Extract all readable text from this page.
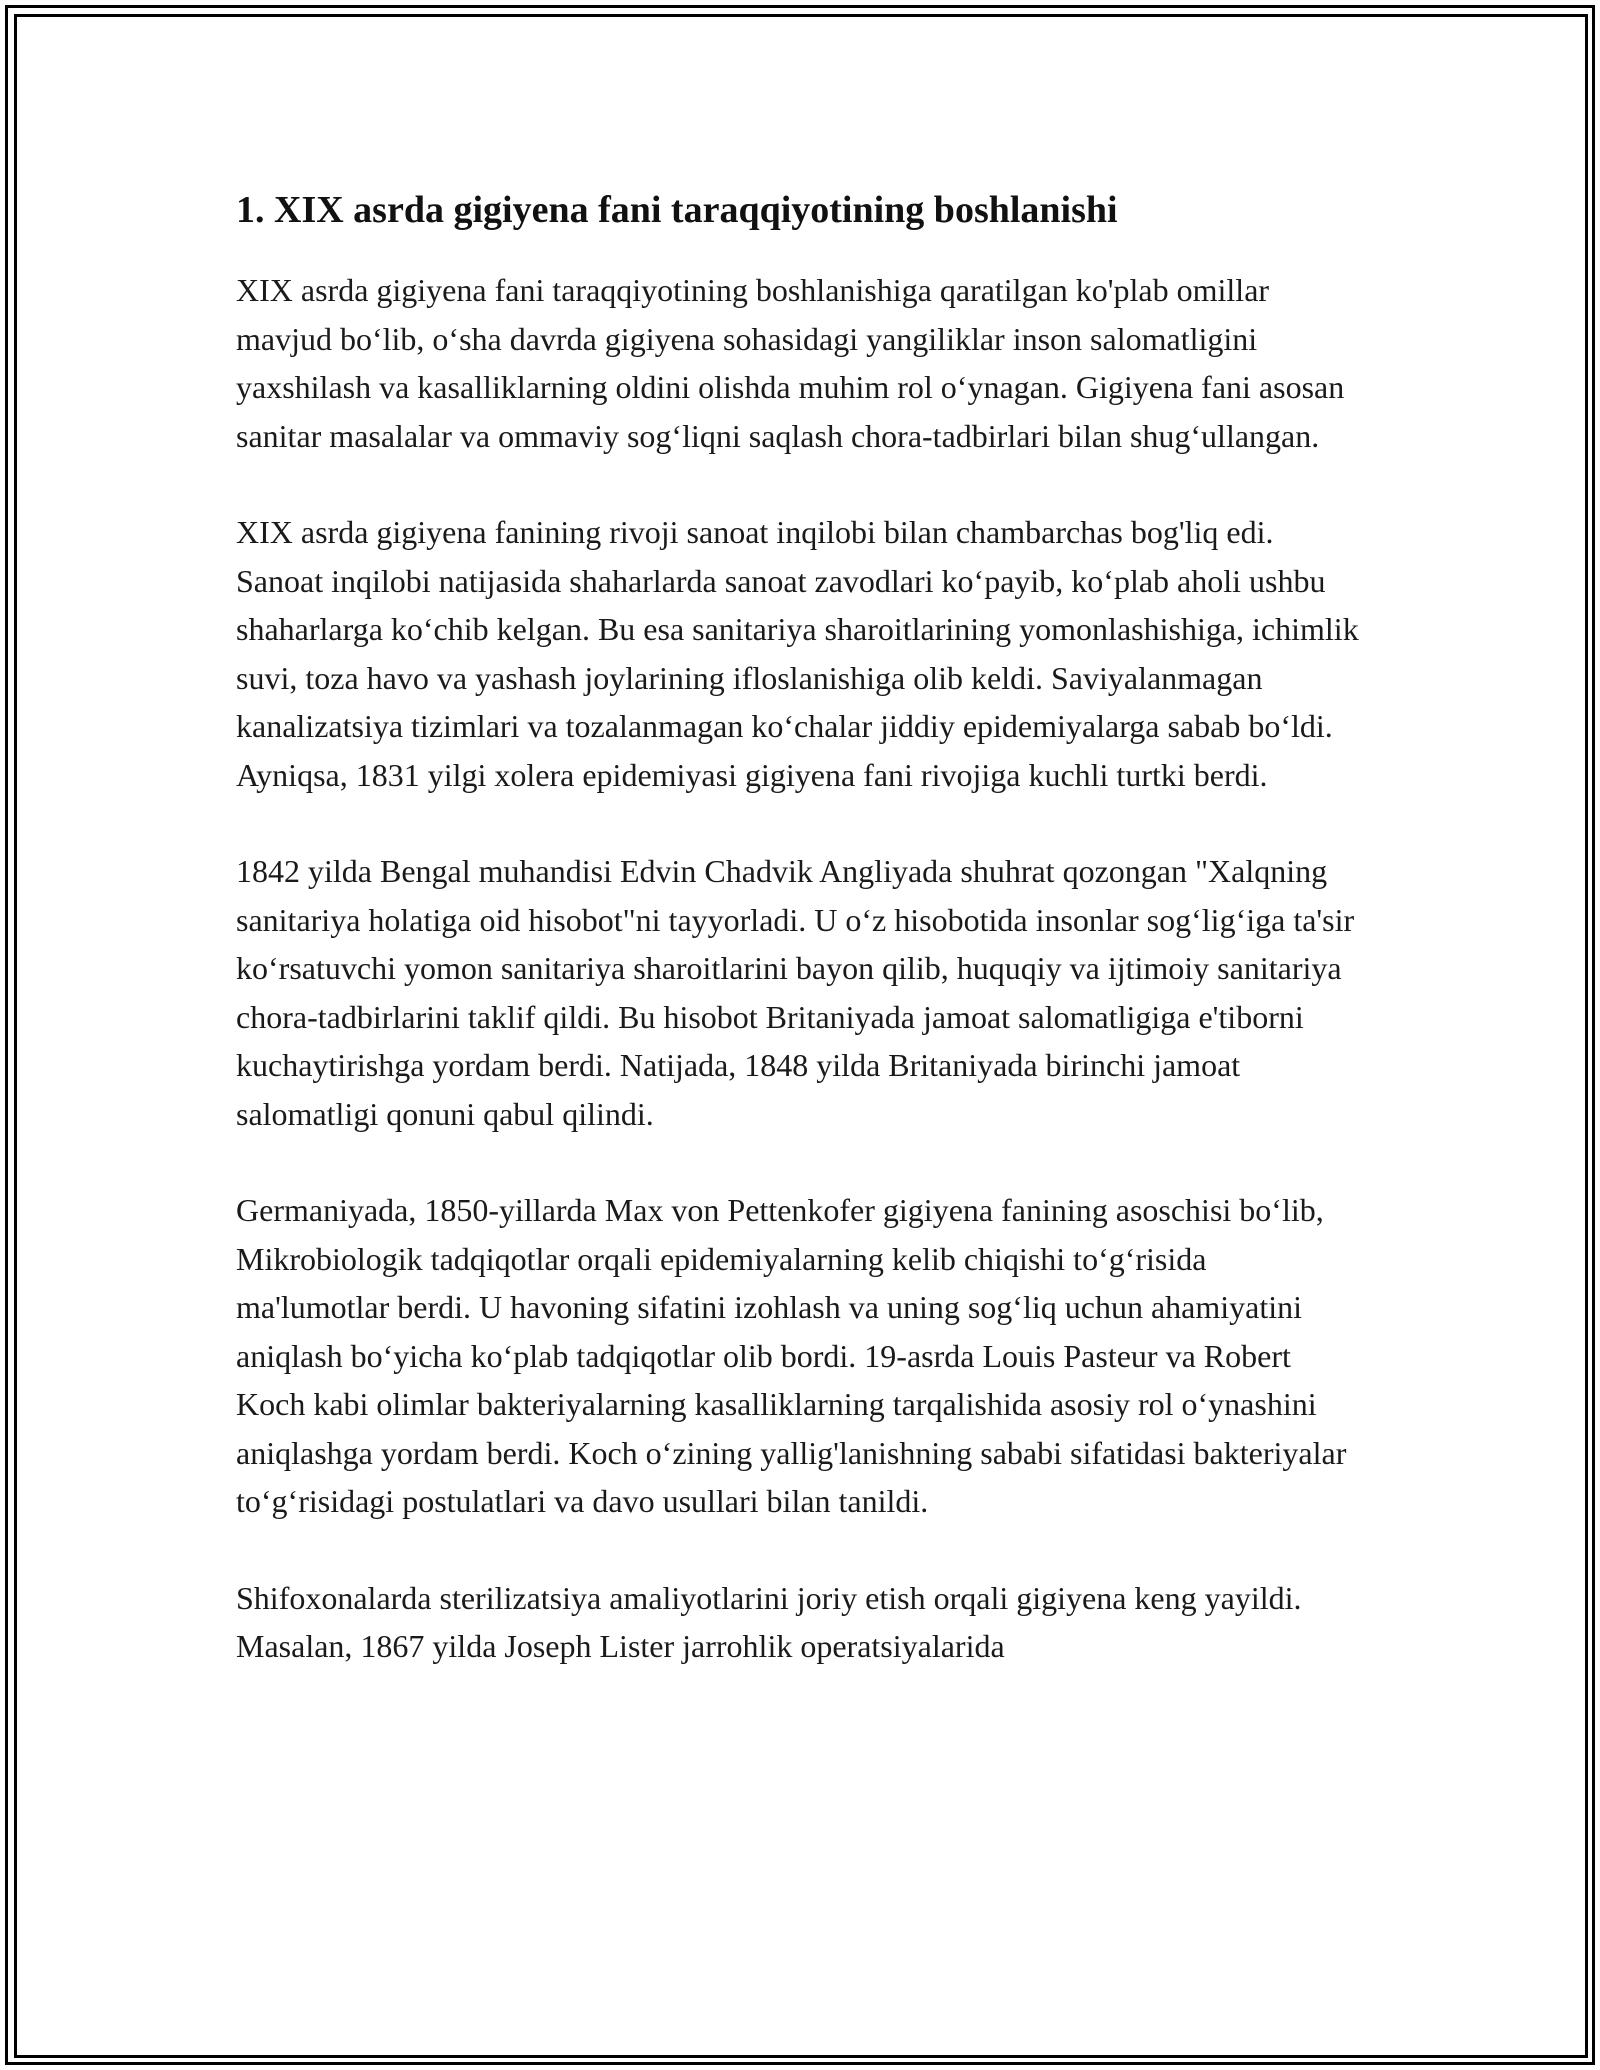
1. XIX asrda gigiyena fani taraqqiyotining boshlanishi

XIX asrda gigiyena fani taraqqiyotining boshlanishiga qaratilgan ko'plab omillar mavjud bo‘lib, o‘sha davrda gigiyena sohasidagi yangiliklar inson salomatligini yaxshilash va kasalliklarning oldini olishda muhim rol o‘ynagan. Gigiyena fani asosan sanitar masalalar va ommaviy sog‘liqni saqlash chora-tadbirlari bilan shug‘ullangan.

XIX asrda gigiyena fanining rivoji sanoat inqilobi bilan chambarchas bog'liq edi. Sanoat inqilobi natijasida shaharlarda sanoat zavodlari ko‘payib, ko‘plab aholi ushbu shaharlarga ko‘chib kelgan. Bu esa sanitariya sharoitlarining yomonlashishiga, ichimlik suvi, toza havo va yashash joylarining ifloslanishiga olib keldi. Saviyalanmagan kanalizatsiya tizimlari va tozalanmagan ko‘chalar jiddiy epidemiyalarga sabab bo‘ldi. Ayniqsa, 1831 yilgi xolera epidemiyasi gigiyena fani rivojiga kuchli turtki berdi.

1842 yilda Bengal muhandisi Edvin Chadvik Angliyada shuhrat qozongan "Xalqning sanitariya holatiga oid hisobot"ni tayyorladi. U o‘z hisobotida insonlar sog‘lig‘iga ta'sir ko‘rsatuvchi yomon sanitariya sharoitlarini bayon qilib, huquqiy va ijtimoiy sanitariya chora-tadbirlarini taklif qildi. Bu hisobot Britaniyada jamoat salomatligiga e'tiborni kuchaytirishga yordam berdi. Natijada, 1848 yilda Britaniyada birinchi jamoat salomatligi qonuni qabul qilindi.

Germaniyada, 1850-yillarda Max von Pettenkofer gigiyena fanining asoschisi bo‘lib, Mikrobiologik tadqiqotlar orqali epidemiyalarning kelib chiqishi to‘g‘risida ma'lumotlar berdi. U havoning sifatini izohlash va uning sog‘liq uchun ahamiyatini aniqlash bo‘yicha ko‘plab tadqiqotlar olib bordi. 19-asrda Louis Pasteur va Robert Koch kabi olimlar bakteriyalarning kasalliklarning tarqalishida asosiy rol o‘ynashini aniqlashga yordam berdi. Koch o‘zining yallig'lanishning sababi sifatidasi bakteriyalar to‘g‘risidagi postulatlari va davo usullari bilan tanildi.

Shifoxonalarda sterilizatsiya amaliyotlarini joriy etish orqali gigiyena keng yayildi. Masalan, 1867 yilda Joseph Lister jarrohlik operatsiyalarida
